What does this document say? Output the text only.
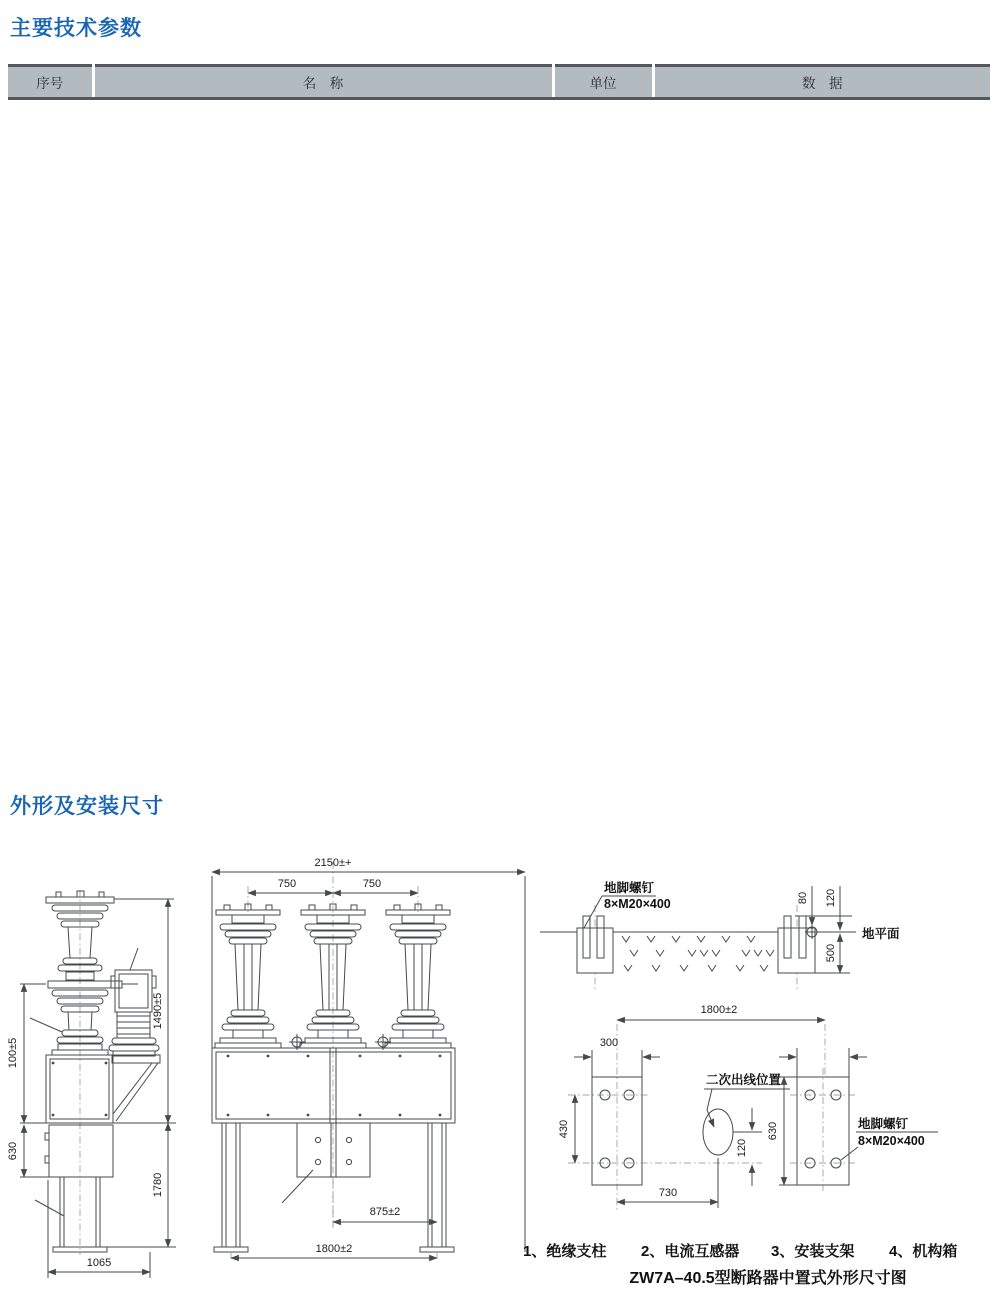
主要技术参数
序号	名　称	单位	数　据
外形及安装尺寸
100±5
630
1490±5
1780
1065
2150±+
750	750
875±2
1800±2
地脚螺钉
8×M20×400	80 120
地平面
500
1800±2
300
430
二次出线位置
120
630	地脚螺钉
8×M20×400
730
1、绝缘支柱 2、电流互感器 3、安装支架 4、机构箱
ZW7A–40.5型断路器中置式外形尺寸图
